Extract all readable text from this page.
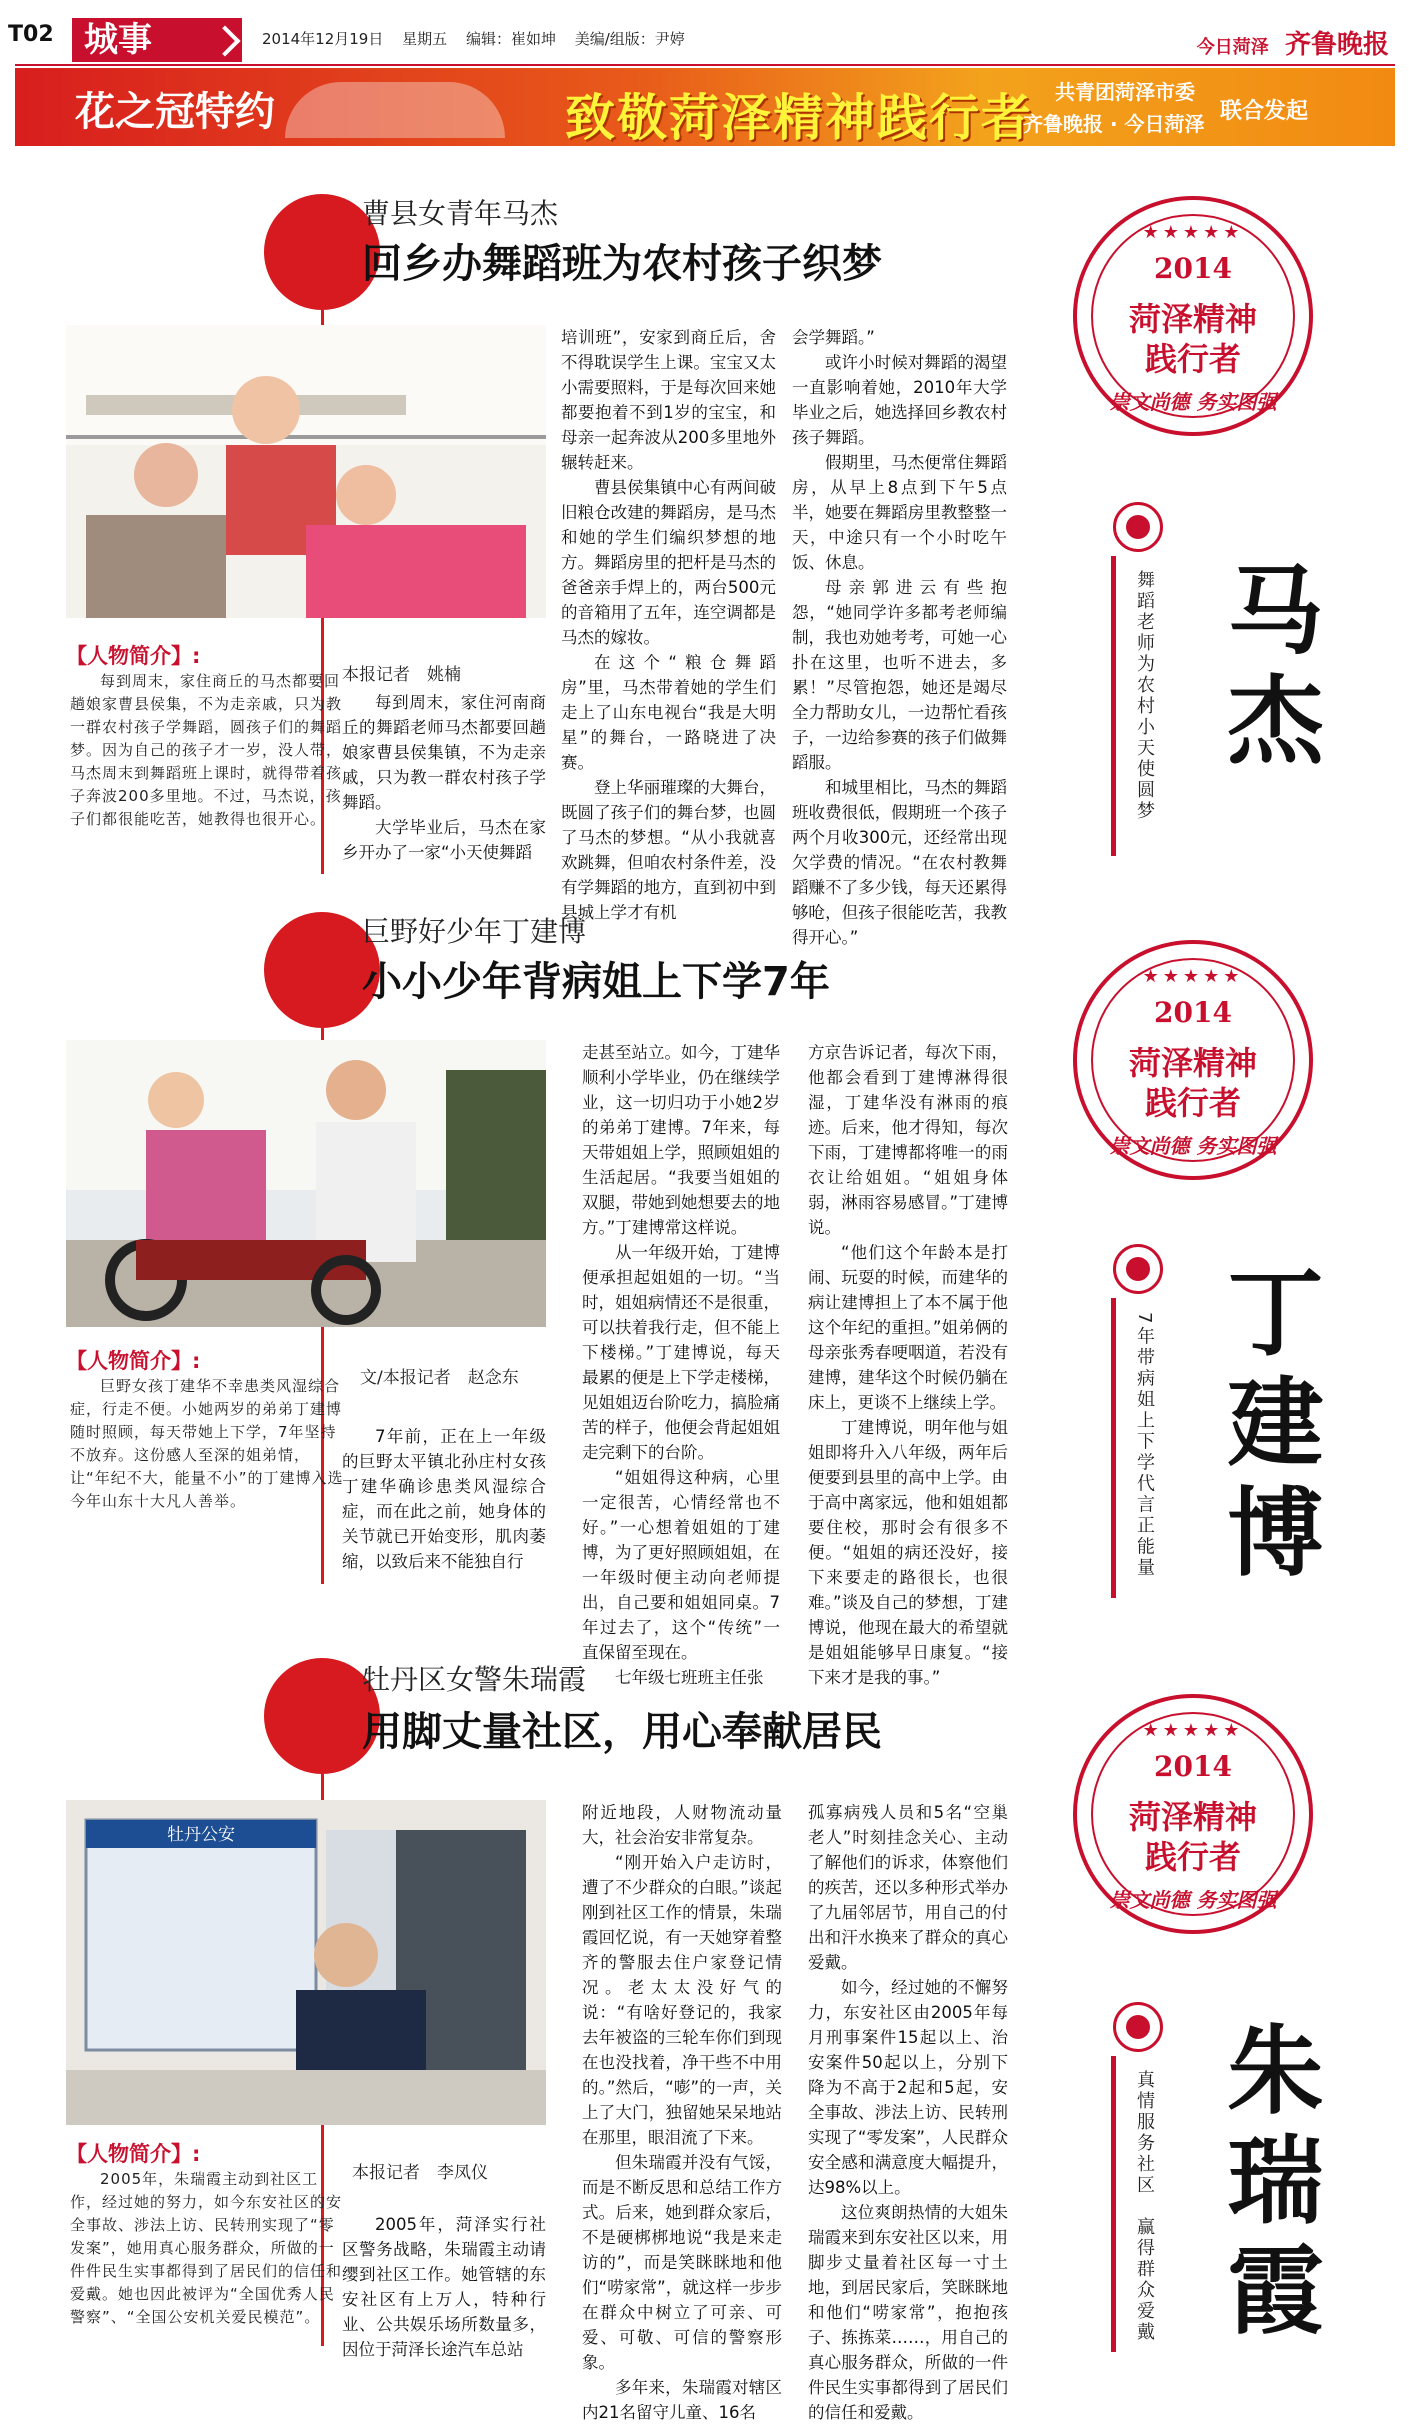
T02 城事	2014年12月19日 星期五 编辑：崔如坤 美编/组版：尹婷	今日菏泽 齐鲁晚报
花之冠特约	致敬菏泽精神践行者 共青团菏泽市委
齐鲁晚报 · 今日菏泽 联合发起
曹县女青年马杰
回乡办舞蹈班为农村孩子织梦
【人物简介】:
每到周末，家住商丘的马杰都要回趟娘家曹县侯集，不为走亲戚，只为教一群农村孩子学舞蹈，圆孩子们的舞蹈梦。因为自己的孩子才一岁，没人带，马杰周末到舞蹈班上课时，就得带着孩子奔波200多里地。不过，马杰说，孩子们都很能吃苦，她教得也很开心。
本报记者　姚楠

每到周末，家住河南商丘的舞蹈老师马杰都要回趟娘家曹县侯集镇，不为走亲戚，只为教一群农村孩子学舞蹈。

大学毕业后，马杰在家乡开办了一家“小天使舞蹈

培训班”，安家到商丘后，舍不得耽误学生上课。宝宝又太小需要照料，于是每次回来她都要抱着不到1岁的宝宝，和母亲一起奔波从200多里地外辗转赶来。

曹县侯集镇中心有两间破旧粮仓改建的舞蹈房，是马杰和她的学生们编织梦想的地方。舞蹈房里的把杆是马杰的爸爸亲手焊上的，两台500元的音箱用了五年，连空调都是马杰的嫁妆。

在这个“粮仓舞蹈房”里，马杰带着她的学生们走上了山东电视台“我是大明星”的舞台，一路晓进了决赛。

登上华丽璀璨的大舞台，既圆了孩子们的舞台梦，也圆了马杰的梦想。“从小我就喜欢跳舞，但咱农村条件差，没有学舞蹈的地方，直到初中到县城上学才有机

会学舞蹈。”

或许小时候对舞蹈的渴望一直影响着她，2010年大学毕业之后，她选择回乡教农村孩子舞蹈。

假期里，马杰便常住舞蹈房，从早上8点到下午5点半，她要在舞蹈房里教整整一天，中途只有一个小时吃午饭、休息。

母亲郭进云有些抱怨，“她同学许多都考老师编制，我也劝她考考，可她一心扑在这里，也听不进去，多累！”尽管抱怨，她还是竭尽全力帮助女儿，一边帮忙看孩子，一边给参赛的孩子们做舞蹈服。

和城里相比，马杰的舞蹈班收费很低，假期班一个孩子两个月收300元，还经常出现欠学费的情况。“在农村教舞蹈赚不了多少钱，每天还累得够呛，但孩子很能吃苦，我教得开心。”

★★★★★
2014
菏泽精神
践行者
崇文尚德 务实图强
舞蹈老师为农村小天使圆梦 马杰
巨野好少年丁建博
小小少年背病姐上下学7年
【人物简介】:
巨野女孩丁建华不幸患类风湿综合症，行走不便。小她两岁的弟弟丁建博随时照顾，每天带她上下学，7年坚持不放弃。这份感人至深的姐弟情，让“年纪不大，能量不小”的丁建博入选今年山东十大凡人善举。
文/本报记者　赵念东

7年前，正在上一年级的巨野太平镇北孙庄村女孩丁建华确诊患类风湿综合症，而在此之前，她身体的关节就已开始变形，肌肉萎缩，以致后来不能独自行

走甚至站立。如今，丁建华顺利小学毕业，仍在继续学业，这一切归功于小她2岁的弟弟丁建博。7年来，每天带姐姐上学，照顾姐姐的生活起居。“我要当姐姐的双腿，带她到她想要去的地方。”丁建博常这样说。

从一年级开始，丁建博便承担起姐姐的一切。“当时，姐姐病情还不是很重，可以扶着我行走，但不能上下楼梯。”丁建博说，每天最累的便是上下学走楼梯，见姐姐迈台阶吃力，搞脸痛苦的样子，他便会背起姐姐走完剩下的台阶。

“姐姐得这种病，心里一定很苦，心情经常也不好。”一心想着姐姐的丁建博，为了更好照顾姐姐，在一年级时便主动向老师提出，自己要和姐姐同桌。7年过去了，这个“传统”一直保留至现在。

七年级七班班主任张

方京告诉记者，每次下雨，他都会看到丁建博淋得很湿，丁建华没有淋雨的痕迹。后来，他才得知，每次下雨，丁建博都将唯一的雨衣让给姐姐。“姐姐身体弱，淋雨容易感冒。”丁建博说。

“他们这个年龄本是打闹、玩耍的时候，而建华的病让建博担上了本不属于他这个年纪的重担。”姐弟俩的母亲张秀春哽咽道，若没有建博，建华这个时候仍躺在床上，更谈不上继续上学。

丁建博说，明年他与姐姐即将升入八年级，两年后便要到县里的高中上学。由于高中离家远，他和姐姐都要住校，那时会有很多不便。“姐姐的病还没好，接下来要走的路很长，也很难。”谈及自己的梦想，丁建博说，他现在最大的希望就是姐姐能够早日康复。“接下来才是我的事。”

★★★★★
2014
菏泽精神
践行者
崇文尚德 务实图强
7年带病姐上下学代言正能量 丁建博
牡丹区女警朱瑞霞
用脚丈量社区，用心奉献居民
牡丹公安
【人物简介】:
2005年，朱瑞霞主动到社区工作，经过她的努力，如今东安社区的安全事故、涉法上访、民转刑实现了“零发案”，她用真心服务群众，所做的一件件民生实事都得到了居民们的信任和爱戴。她也因此被评为“全国优秀人民警察”、“全国公安机关爱民模范”。
本报记者　李凤仪

2005年，菏泽实行社区警务战略，朱瑞霞主动请缨到社区工作。她管辖的东安社区有上万人，特种行业、公共娱乐场所数量多，因位于菏泽长途汽车总站

附近地段，人财物流动量大，社会治安非常复杂。

“刚开始入户走访时，遭了不少群众的白眼。”谈起刚到社区工作的情景，朱瑞霞回忆说，有一天她穿着整齐的警服去住户家登记情况。老太太没好气的说：“有啥好登记的，我家去年被盗的三轮车你们到现在也没找着，净干些不中用的。”然后，“嘭”的一声，关上了大门，独留她呆呆地站在那里，眼泪流了下来。

但朱瑞霞并没有气馁，而是不断反思和总结工作方式。后来，她到群众家后，不是硬梆梆地说“我是来走访的”，而是笑眯眯地和他们“唠家常”，就这样一步步在群众中树立了可亲、可爱、可敬、可信的警察形象。

多年来，朱瑞霞对辖区内21名留守儿童、16名

孤寡病残人员和5名“空巢老人”时刻挂念关心、主动了解他们的诉求，体察他们的疾苦，还以多种形式举办了九届邻居节，用自己的付出和汗水换来了群众的真心爱戴。

如今，经过她的不懈努力，东安社区由2005年每月刑事案件15起以上、治安案件50起以上，分别下降为不高于2起和5起，安全事故、涉法上访、民转刑实现了“零发案”，人民群众安全感和满意度大幅提升，达98%以上。

这位爽朗热情的大姐朱瑞霞来到东安社区以来，用脚步丈量着社区每一寸土地，到居民家后，笑眯眯地和他们“唠家常”，抱抱孩子、拣拣菜……，用自己的真心服务群众，所做的一件件民生实事都得到了居民们的信任和爱戴。

★★★★★
2014
菏泽精神
践行者
崇文尚德 务实图强
真情服务社区　赢得群众爱戴 朱瑞霞
